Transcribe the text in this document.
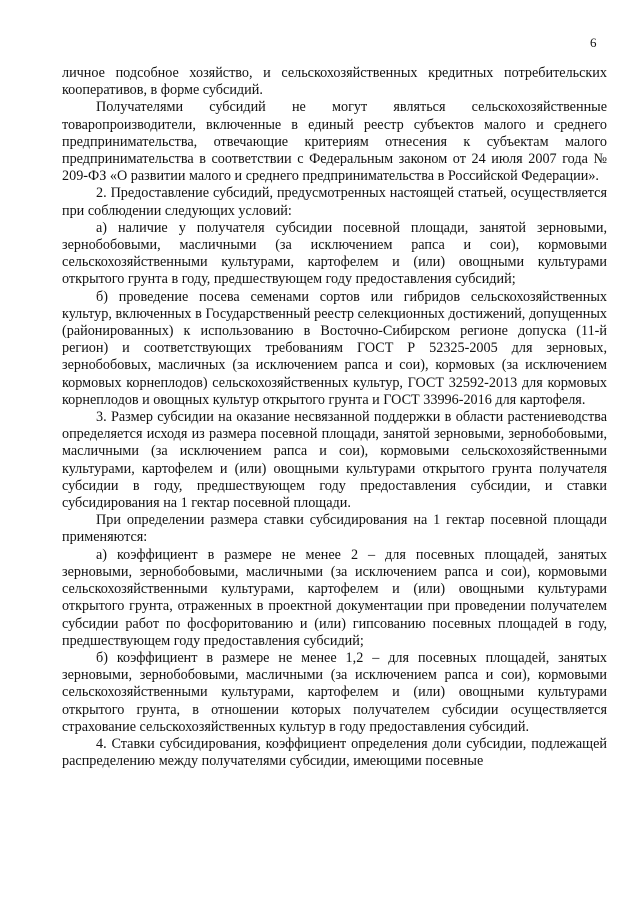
6

личное подсобное хозяйство, и сельскохозяйственных кредитных потребительских кооперативов, в форме субсидий.

Получателями субсидий не могут являться сельскохозяйственные товаропроизводители, включенные в единый реестр субъектов малого и среднего предпринимательства, отвечающие критериям отнесения к субъектам малого предпринимательства в соответствии с Федеральным законом от 24 июля 2007 года № 209-ФЗ «О развитии малого и среднего предпринимательства в Российской Федерации».

2. Предоставление субсидий, предусмотренных настоящей статьей, осуществляется при соблюдении следующих условий:

а) наличие у получателя субсидии посевной площади, занятой зерновыми, зернобобовыми, масличными (за исключением рапса и сои), кормовыми сельскохозяйственными культурами, картофелем и (или) овощными культурами открытого грунта в году, предшествующем году предоставления субсидий;

б) проведение посева семенами сортов или гибридов сельскохозяйственных культур, включенных в Государственный реестр селекционных достижений, допущенных (районированных) к использованию в Восточно-Сибирском регионе допуска (11-й регион) и соответствующих требованиям ГОСТ Р 52325-2005 для зерновых, зернобобовых, масличных (за исключением рапса и сои), кормовых (за исключением кормовых корнеплодов) сельскохозяйственных культур, ГОСТ 32592-2013 для кормовых корнеплодов и овощных культур открытого грунта и ГОСТ 33996-2016 для картофеля.

3. Размер субсидии на оказание несвязанной поддержки в области растениеводства определяется исходя из размера посевной площади, занятой зерновыми, зернобобовыми, масличными (за исключением рапса и сои), кормовыми сельскохозяйственными культурами, картофелем и (или) овощными культурами открытого грунта получателя субсидии в году, предшествующем году предоставления субсидии, и ставки субсидирования на 1 гектар посевной площади.

При определении размера ставки субсидирования на 1 гектар посевной площади применяются:

а) коэффициент в размере не менее 2 – для посевных площадей, занятых зерновыми, зернобобовыми, масличными (за исключением рапса и сои), кормовыми сельскохозяйственными культурами, картофелем и (или) овощными культурами открытого грунта, отраженных в проектной документации при проведении получателем субсидии работ по фосфоритованию и (или) гипсованию посевных площадей в году, предшествующем году предоставления субсидий;

б) коэффициент в размере не менее 1,2 – для посевных площадей, занятых зерновыми, зернобобовыми, масличными (за исключением рапса и сои), кормовыми сельскохозяйственными культурами, картофелем и (или) овощными культурами открытого грунта, в отношении которых получателем субсидии осуществляется страхование сельскохозяйственных культур в году предоставления субсидий.

4. Ставки субсидирования, коэффициент определения доли субсидии, подлежащей распределению между получателями субсидии, имеющими посевные
